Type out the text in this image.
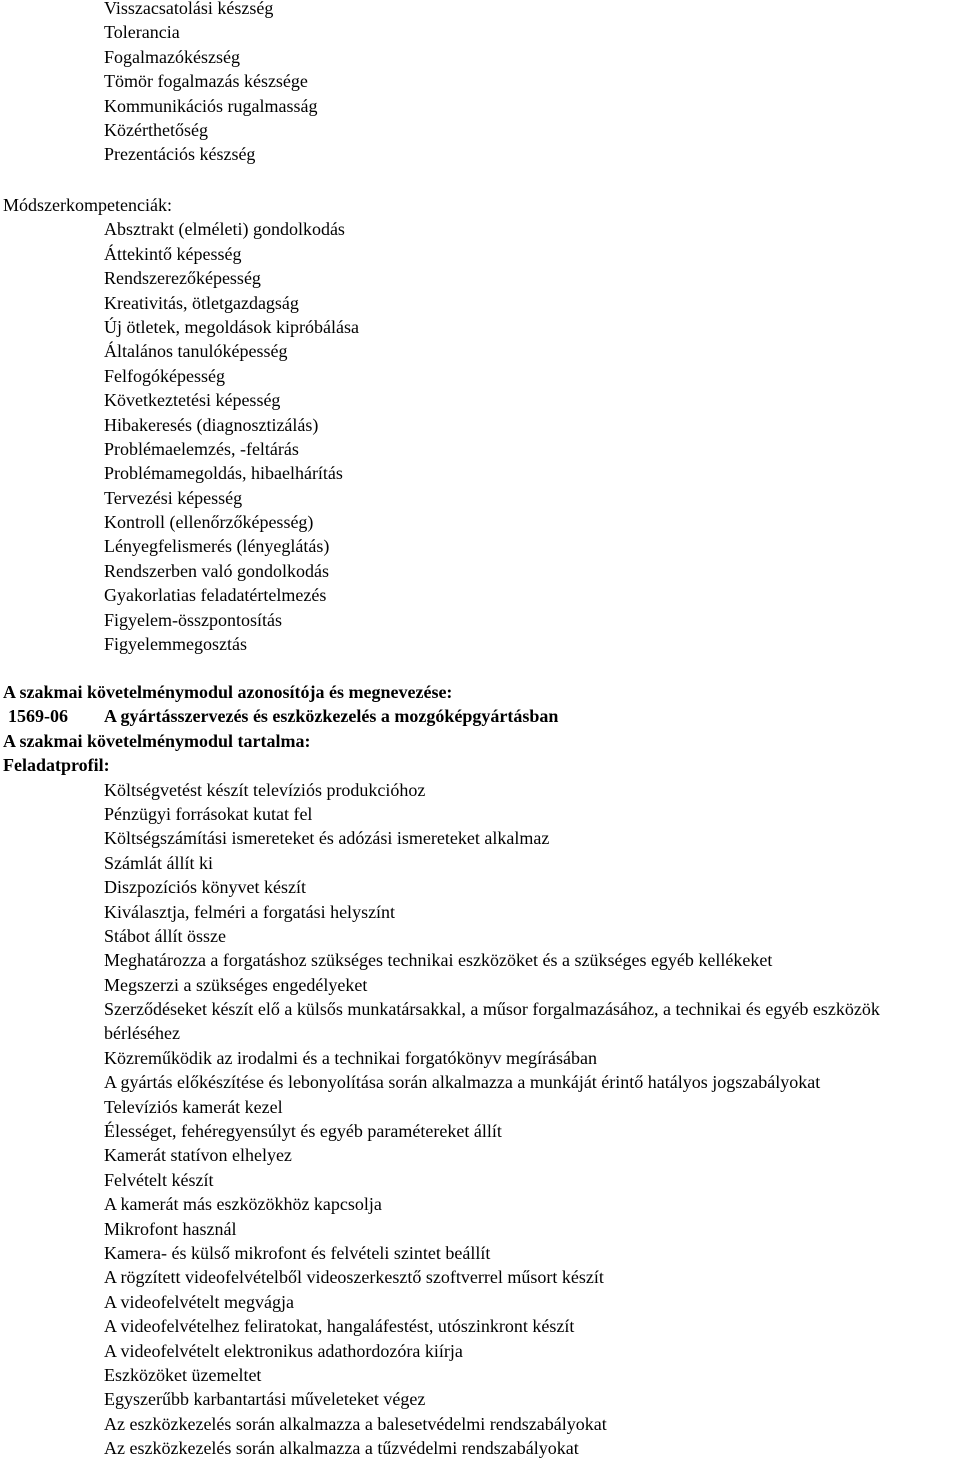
Visszacsatolási készség
Tolerancia
Fogalmazókészség
Tömör fogalmazás készsége
Kommunikációs rugalmasság
Közérthetőség
Prezentációs készség
Módszerkompetenciák:
Absztrakt (elméleti) gondolkodás
Áttekintő képesség
Rendszerezőképesség
Kreativitás, ötletgazdagság
Új ötletek, megoldások kipróbálása
Általános tanulóképesség
Felfogóképesség
Következtetési képesség
Hibakeresés (diagnosztizálás)
Problémaelemzés, -feltárás
Problémamegoldás, hibaelhárítás
Tervezési képesség
Kontroll (ellenőrzőképesség)
Lényegfelismerés (lényeglátás)
Rendszerben való gondolkodás
Gyakorlatias feladatértelmezés
Figyelem-összpontosítás
Figyelemmegosztás
A szakmai követelménymodul azonosítója és megnevezése:
1569-06	A gyártásszervezés és eszközkezelés a mozgóképgyártásban
A szakmai követelménymodul tartalma:
Feladatprofil:
Költségvetést készít televíziós produkcióhoz
Pénzügyi forrásokat kutat fel
Költségszámítási ismereteket és adózási ismereteket alkalmaz
Számlát állít ki
Diszpozíciós könyvet készít
Kiválasztja, felméri a forgatási helyszínt
Stábot állít össze
Meghatározza a forgatáshoz szükséges technikai eszközöket és a szükséges egyéb kellékeket
Megszerzi a szükséges engedélyeket
Szerződéseket készít elő a külsős munkatársakkal, a műsor forgalmazásához, a technikai és egyéb eszközök bérléséhez
Közreműködik az irodalmi és a technikai forgatókönyv megírásában
A gyártás előkészítése és lebonyolítása során alkalmazza a munkáját érintő hatályos jogszabályokat
Televíziós kamerát kezel
Élességet, fehéregyensúlyt és egyéb paramétereket állít
Kamerát statívon elhelyez
Felvételt készít
A kamerát más eszközökhöz kapcsolja
Mikrofont használ
Kamera- és külső mikrofont és felvételi szintet beállít
A rögzített videofelvételből videoszerkesztő szoftverrel műsort készít
A videofelvételt megvágja
A videofelvételhez feliratokat, hangaláfestést, utószinkront készít
A videofelvételt elektronikus adathordozóra kiírja
Eszközöket üzemeltet
Egyszerűbb karbantartási műveleteket végez
Az eszközkezelés során alkalmazza a balesetvédelmi rendszabályokat
Az eszközkezelés során alkalmazza a tűzvédelmi rendszabályokat
